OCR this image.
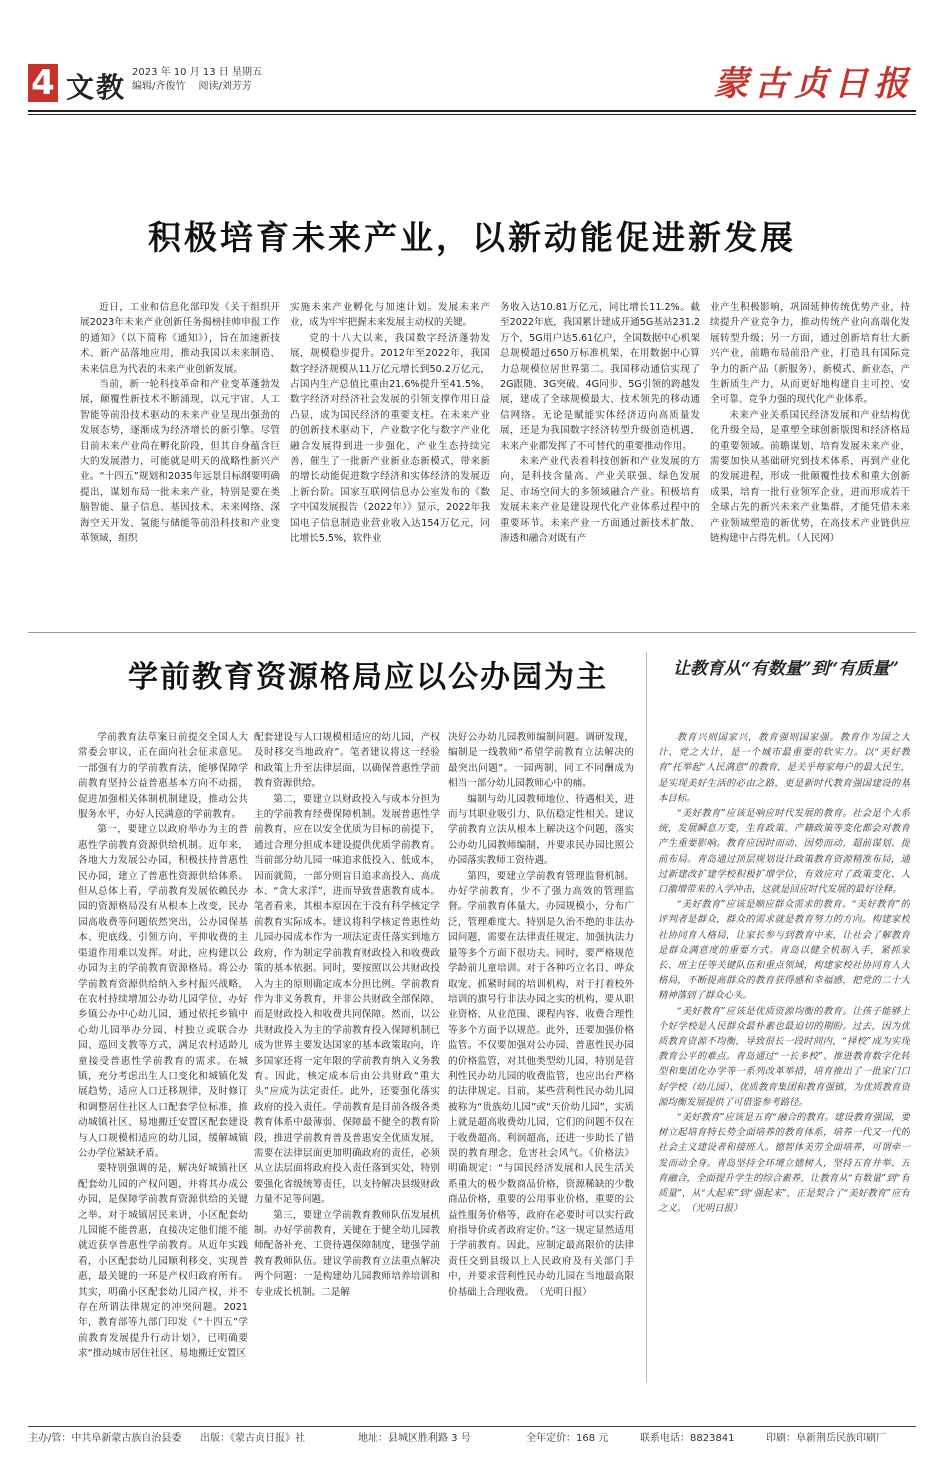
4 文教 2023 年 10 月 13 日 星期五
编辑/齐俊竹　 阅读/刘芳芳	蒙古贞日报
积极培育未来产业，以新动能促进新发展

近日，工业和信息化部印发《关于组织开展2023年未来产业创新任务揭榜挂帅申报工作的通知》（以下简称《通知》），旨在加速新技术、新产品落地应用，推动我国以未来制造、未来信息为代表的未来产业创新发展。

当前，新一轮科技革命和产业变革蓬勃发展，颠覆性新技术不断涌现，以元宇宙、人工智能等前沿技术驱动的未来产业呈现出强劲的发展态势，逐渐成为经济增长的新引擎。尽管目前未来产业尚在孵化阶段，但其自身蕴含巨大的发展潜力，可能就是明天的战略性新兴产业。“十四五”规划和2035年远景目标纲要明确提出，谋划布局一批未来产业，特别是要在类脑智能、量子信息、基因技术、未来网络、深海空天开发、氢能与储能等前沿科技和产业变革领域，组织

实施未来产业孵化与加速计划。发展未来产业，成为牢牢把握未来发展主动权的关键。

党的十八大以来，我国数字经济蓬勃发展，规模稳步提升。2012年至2022年，我国数字经济规模从11万亿元增长到50.2万亿元，占国内生产总值比重由21.6%提升至41.5%，数字经济对经济社会发展的引领支撑作用日益凸显，成为国民经济的重要支柱。在未来产业的创新技术驱动下，产业数字化与数字产业化融合发展得到进一步强化，产业生态持续完善，催生了一批新产业新业态新模式，带来新的增长动能促进数字经济和实体经济的发展迈上新台阶。国家互联网信息办公室发布的《数字中国发展报告（2022年）》显示，2022年我国电子信息制造业营业收入达154万亿元，同比增长5.5%，软件业

务收入达10.81万亿元，同比增长11.2%。截至2022年底，我国累计建成开通5G基站231.2万个，5G用户达5.61亿户，全国数据中心机架总规模超过650万标准机架，在用数据中心算力总规模位居世界第二。我国移动通信实现了2G跟随、3G突破、4G同步、5G引领的跨越发展，建成了全球规模最大、技术领先的移动通信网络。无论是赋能实体经济迈向高质量发展，还是为我国数字经济转型升级创造机遇，未来产业都发挥了不可替代的重要推动作用。

未来产业代表着科技创新和产业发展的方向，是科技含量高、产业关联强、绿色发展足、市场空间大的多领域融合产业。积极培育发展未来产业是建设现代化产业体系过程中的重要环节。未来产业一方面通过新技术扩散、渗透和融合对既有产

业产生积极影响，巩固延伸传统优势产业，持续提升产业竞争力，推动传统产业向高端化发展转型升级；另一方面，通过创新培育壮大新兴产业，前瞻布局前沿产业，打造具有国际竞争力的新产品（新服务）、新模式、新业态，产生新质生产力，从而更好地构建自主可控、安全可靠、竞争力强的现代化产业体系。

未来产业关系国民经济发展和产业结构优化升级全局，是重塑全球创新版图和经济格局的重要领域。前瞻谋划、培育发展未来产业，需要加快从基础研究到技术体系，再到产业化的发展进程，形成一批颠覆性技术和重大创新成果，培育一批行业领军企业，进而形成若干全球占先的新兴未来产业集群，才能凭借未来产业领域塑造的新优势，在高技术产业链供应链构建中占得先机。（人民网）

学前教育资源格局应以公办园为主	让教育从“有数量”到“有质量”

学前教育法草案日前提交全国人大常委会审议，正在面向社会征求意见。一部强有力的学前教育法，能够保障学前教育坚持公益普惠基本方向不动摇，促进加强相关体制机制建设，推动公共服务水平，办好人民满意的学前教育。

第一，要建立以政府举办为主的普惠性学前教育资源供给机制。近年来，各地大力发展公办园，积极扶持普惠性民办园，建立了普惠性资源供给体系。但从总体上看，学前教育发展依赖民办园的资源格局没有从根本上改变，民办园高收费等问题依然突出，公办园保基本、兜底线、引领方向、平抑收费的主渠道作用难以发挥。对此，应构建以公办园为主的学前教育资源格局。将公办学前教育资源供给纳入乡村振兴战略，在农村持续增加公办幼儿园学位，办好乡镇公办中心幼儿园，通过依托乡镇中心幼儿园举办分园、村独立或联合办园、巡回支教等方式，满足农村适龄儿童接受普惠性学前教育的需求。在城镇，充分考虑出生人口变化和城镇化发展趋势，适应人口迁移规律，及时修订和调整居住社区人口配套学位标准，推动城镇社区、易地搬迁安置区配套建设与人口规模相适应的幼儿园，缓解城镇公办学位紧缺矛盾。

要特别强调的是，解决好城镇社区配套幼儿园的产权问题，并将其办成公办园，是保障学前教育资源供给的关键之举。对于城镇居民来讲，小区配套幼儿园能不能普惠，直接决定他们能不能就近获享普惠性学前教育。从近年实践看，小区配套幼儿园顺利移交、实现普惠，最关键的一环是产权归政府所有。其实，明确小区配套幼儿园产权，并不存在所谓法律规定的冲突问题。2021年，教育部等九部门印发《“十四五”学前教育发展提升行动计划》，已明确要求“推动城市居住社区、易地搬迁安置区

配套建设与人口规模相适应的幼儿园，产权及时移交当地政府”。笔者建议将这一经验和政策上升至法律层面，以确保普惠性学前教育资源供给。

第二，要建立以财政投入与成本分担为主的学前教育经费保障机制。发展普惠性学前教育，应在以安全优质为目标的前提下，通过合理分担成本建设提供优质学前教育。当前部分幼儿园一味追求低投入、低成本，因而就简，一部分则盲目追求高投入、高成本、“贪大求洋”，进而导致普惠教育成本。笔者看来，其根本原因在于没有科学核定学前教育实际成本。建议将科学核定普惠性幼儿园办园成本作为一项法定责任落实到地方政府，作为制定学前教育财政投入和收费政策的基本依据。同时，要按照以公共财政投入为主的原则确定成本分担比例。学前教育作为非义务教育，并非公共财政全部保障，而是财政投入和收费共同保障。然而，以公共财政投入为主的学前教育投入保障机制已成为世界主要发达国家的基本政策取向，许多国家还将一定年限的学前教育纳入义务教育。因此，核定成本后由公共财政“重大头”应成为法定责任。此外，还要强化落实政府的投入责任。学前教育是目前各级各类教育体系中最薄弱、保障最不健全的教育阶段，推进学前教育普及普惠安全优质发展，需要在法律层面更加明确政府的责任，必须从立法层面将政府投入责任落到实处，特别要强化省级统筹责任，以支持解决县级财政力量不足等问题。

第三，要建立学前教育教师队伍发展机制。办好学前教育，关键在于健全幼儿园教师配备补充、工资待遇保障制度，建强学前教育教师队伍。建议学前教育立法重点解决两个问题：一是构建幼儿园教师培养培训和专业成长机制。二是解

决好公办幼儿园教师编制问题。调研发现，编制是一线教师“希望学前教育立法解决的最突出问题”。一园两制、同工不同酬成为相当一部分幼儿园教师心中的痛。

编制与幼儿园教师地位、待遇相关，进而与其职业吸引力、队伍稳定性相关。建议学前教育立法从根本上解决这个问题，落实公办幼儿园教师编制，并要求民办园比照公办园落实教师工资待遇。

第四，要建立学前教育管理监督机制。办好学前教育，少不了强力高效的管理监督。学前教育体量大，办园规模小，分布广泛，管理难度大。特别是久治不绝的非法办园问题，需要在法律责任规定、加强执法力量等多个方面下很功夫。同时，要严格规范学龄前儿童培训。对于各种巧立名目、哗众取宠、抓紧时间的培训机构，对于打着校外培训的旗号行非法办园之实的机构，要从职业资格、从业范围、课程内容、收费合理性等多个方面予以规范。此外，还要加强价格监管。不仅要加强对公办园、普惠性民办园的价格监管，对其他类型幼儿园，特别是营利性民办幼儿园的收费监管，也应出台严格的法律规定。目前，某些营利性民办幼儿园被称为“贵族幼儿园”或“天价幼儿园”，实质上就是超高收费幼儿园，它们的问题不仅在于收费超高、利润超高，还进一步助长了错误的教育理念，危害社会风气。《价格法》明确规定：“与国民经济发展和人民生活关系重大的极少数商品价格，资源稀缺的少数商品价格，重要的公用事业价格，重要的公益性服务价格等，政府在必要时可以实行政府指导价或者政府定价。”这一规定显然适用于学前教育。因此，应制定最高限价的法律责任交到县级以上人民政府及有关部门手中，并要求营利性民办幼儿园在当地最高限价基础上合理收费。　（光明日报）

教育兴则国家兴，教育强则国家强。教育作为国之大计、党之大计，是一个城市最重要的软实力。以“美好教育”托举起“人民满意”的教育，是关乎每家每户的最大民生，是实现美好生活的必由之路，更是新时代教育强国建设的基本目标。

“美好教育”应该是响应时代发展的教育。社会是个大系统，发展瞬息万变，生育政策、产籍政策等变化都会对教育产生重要影响。教育应因时而动、因势而动，超前谋划、提前布局。青岛通过顶层规划设计政策教育资源精准布局，通过新建改扩建学校积极扩增学位，有效应对了政策变化、人口激增带来的入学冲击，这就是回应时代发展的最好诠释。

“美好教育”应该是顺应群众需求的教育。“美好教育”的评判者是群众，群众的需求就是教育努力的方向。构建家校社协同育人格局，让家长参与到教育中来，让社会了解教育是群众满意度的重要方式。青岛以健全机制入手，紧抓家长、班主任等关键队伍和重点领域，构建家校社协同育人大格局，不断提高群众的教育获得感和幸福感，把党的二十大精神落到了群众心头。

“美好教育”应该是优质资源均衡的教育。让孩子能够上个好学校是人民群众最朴素也最迫切的期盼。过去，因为优质教育资源不均衡，导致很长一段时间内，“择校”成为实现教育公平的难点。青岛通过“一长多校”、推进教育数字化转型和集团化办学等一系列改革举措，培育推出了一批家门口好学校（幼儿园）、优质教育集团和教育强镇，为优质教育资源均衡发展提供了可借鉴参考路径。

“美好教育”应该是五育“融合的教育。建设教育强国，要树立起培育特长势全面培养的教育体系，培养一代又一代的社会主义建设者和接班人。德智体美劳全面培养，可谓牵一发而动全身。青岛坚持全环境立德树人，坚持五育并举、五育融合，全面提升学生的综合素养，让教育从“有数量”到“有质量”，从“大起来”到“强起来”，正是契合了“美好教育”应有之义。　（光明日报）

主办/管：中共阜新蒙古族自治县委 出版：《蒙古贞日报》社	地址：县城区胜利路 3 号	全年定价：168 元	联系电话：8823841	印刷：阜新荆岳民族印刷厂
